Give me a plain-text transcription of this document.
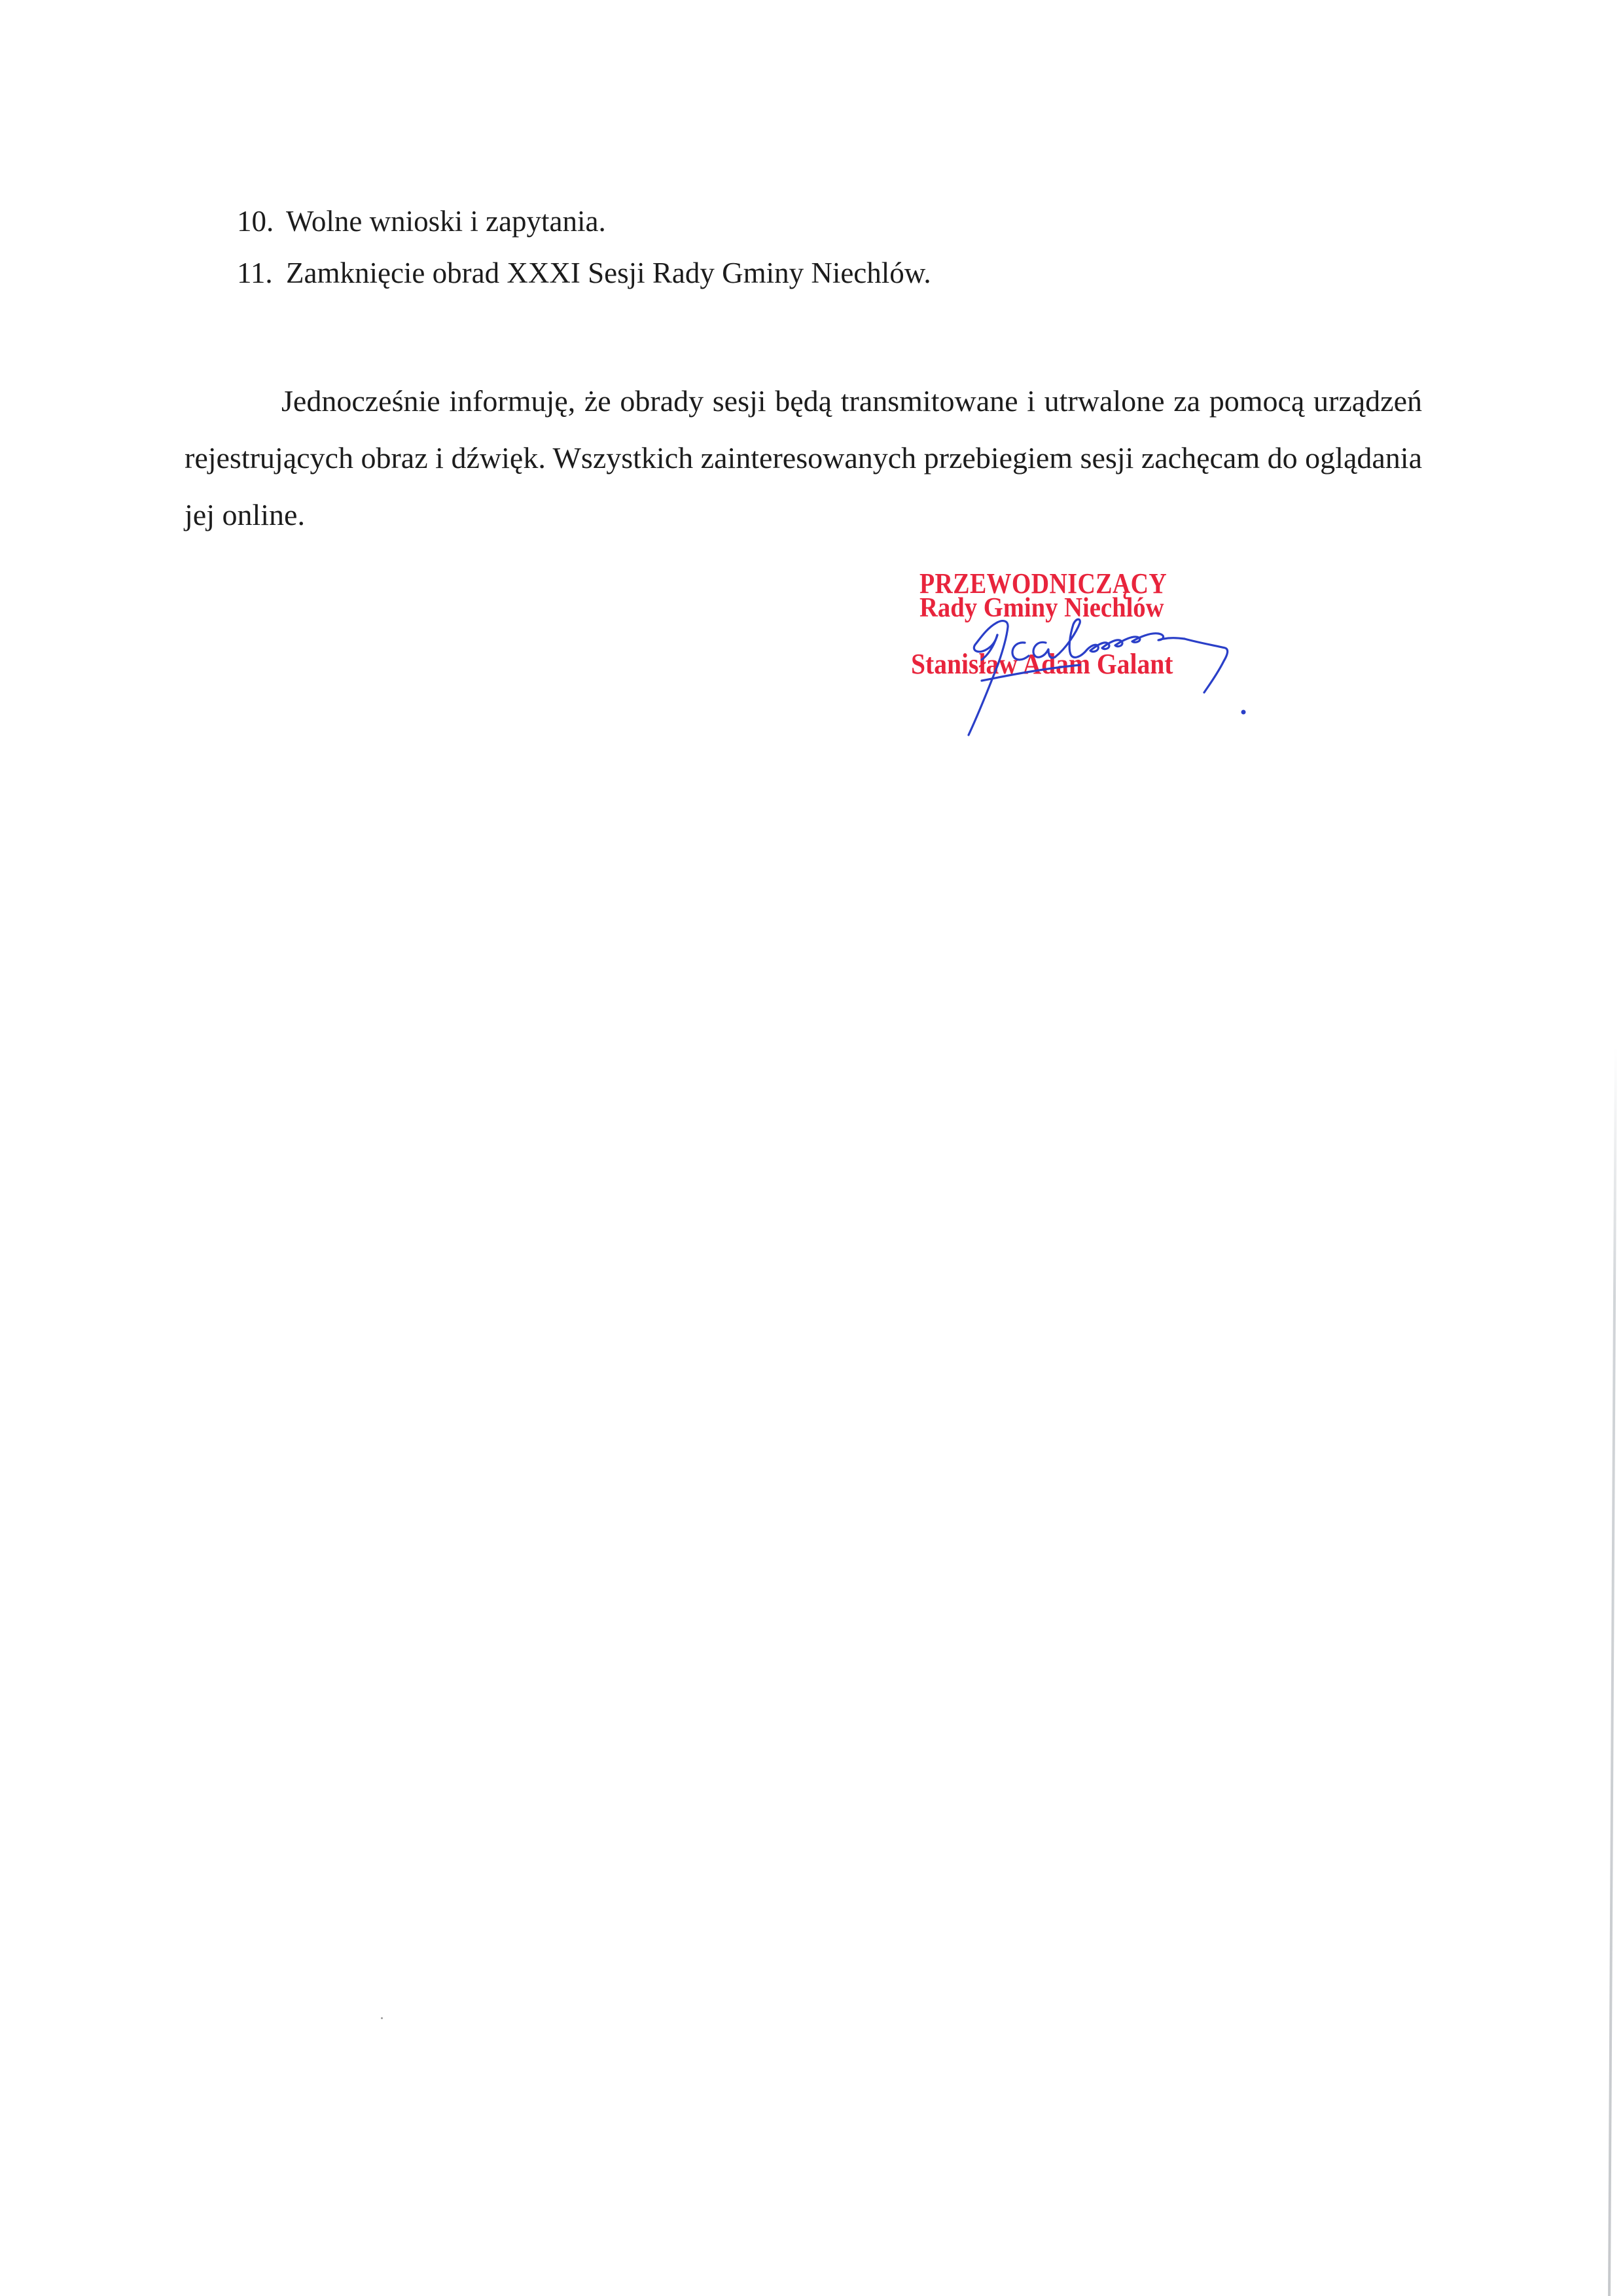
10. Wolne wnioski i zapytania.
11. Zamknięcie obrad XXXI Sesji Rady Gminy Niechlów.

Jednocześnie informuję, że obrady sesji będą transmitowane i utrwalone za pomocą urządzeń rejestrujących obraz i dźwięk. Wszystkich zainteresowanych przebiegiem sesji zachęcam do oglądania jej online.

PRZEWODNICZĄCY
Rady Gminy Niechlów
Stanisław Adam Galant
